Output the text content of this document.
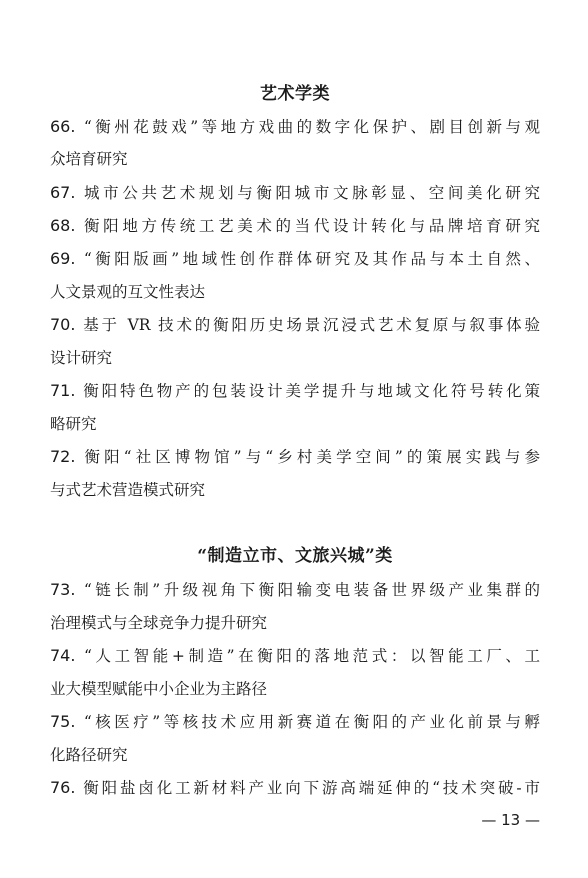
艺术学类
66. “衡州花鼓戏”等地方戏曲的数字化保护、剧目创新与观
众培育研究
67. 城市公共艺术规划与衡阳城市文脉彰显、空间美化研究
68. 衡阳地方传统工艺美术的当代设计转化与品牌培育研究
69. “衡阳版画”地域性创作群体研究及其作品与本土自然、
人文景观的互文性表达
70. 基于 VR 技术的衡阳历史场景沉浸式艺术复原与叙事体验
设计研究
71. 衡阳特色物产的包装设计美学提升与地域文化符号转化策
略研究
72. 衡阳“社区博物馆”与“乡村美学空间”的策展实践与参
与式艺术营造模式研究
“制造立市、文旅兴城”类
73. “链长制”升级视角下衡阳输变电装备世界级产业集群的
治理模式与全球竞争力提升研究
74. “人工智能+制造”在衡阳的落地范式：以智能工厂、工
业大模型赋能中小企业为主路径
75. “核医疗”等核技术应用新赛道在衡阳的产业化前景与孵
化路径研究
76. 衡阳盐卤化工新材料产业向下游高端延伸的“技术突破-市
— 13 —
